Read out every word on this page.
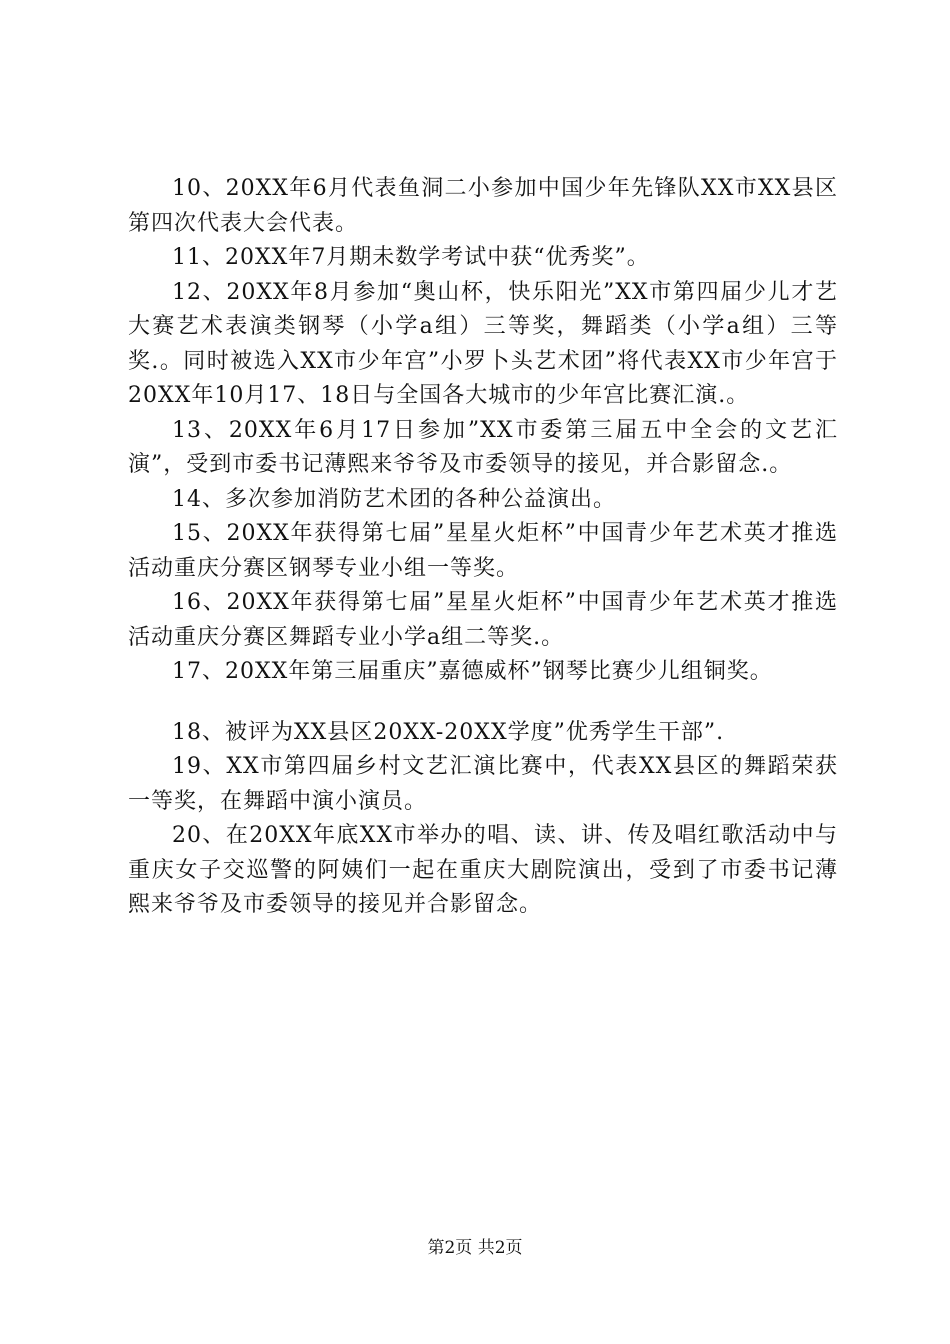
10、20XX年6月代表鱼洞二小参加中国少年先锋队XX市XX县区第四次代表大会代表。

11、20XX年7月期未数学考试中获“优秀奖”。

12、20XX年8月参加“奥山杯，快乐阳光”XX市第四届少儿才艺大赛艺术表演类钢琴（小学a组）三等奖，舞蹈类（小学a组）三等奖.。同时被选入XX市少年宫”小罗卜头艺术团”将代表XX市少年宫于20XX年10月17、18日与全国各大城市的少年宫比赛汇演.。

13、20XX年6月17日参加”XX市委第三届五中全会的文艺汇演”，受到市委书记薄熙来爷爷及市委领导的接见，并合影留念.。

14、多次参加消防艺术团的各种公益演出。

15、20XX年获得第七届”星星火炬杯”中国青少年艺术英才推选活动重庆分赛区钢琴专业小组一等奖。

16、20XX年获得第七届”星星火炬杯”中国青少年艺术英才推选活动重庆分赛区舞蹈专业小学a组二等奖.。

17、20XX年第三届重庆”嘉德威杯”钢琴比赛少儿组铜奖。

18、被评为XX县区20XX-20XX学度”优秀学生干部”.

19、XX市第四届乡村文艺汇演比赛中，代表XX县区的舞蹈荣获一等奖，在舞蹈中演小演员。

20、在20XX年底XX市举办的唱、读、讲、传及唱红歌活动中与重庆女子交巡警的阿姨们一起在重庆大剧院演出，受到了市委书记薄熙来爷爷及市委领导的接见并合影留念。

第2页 共2页
